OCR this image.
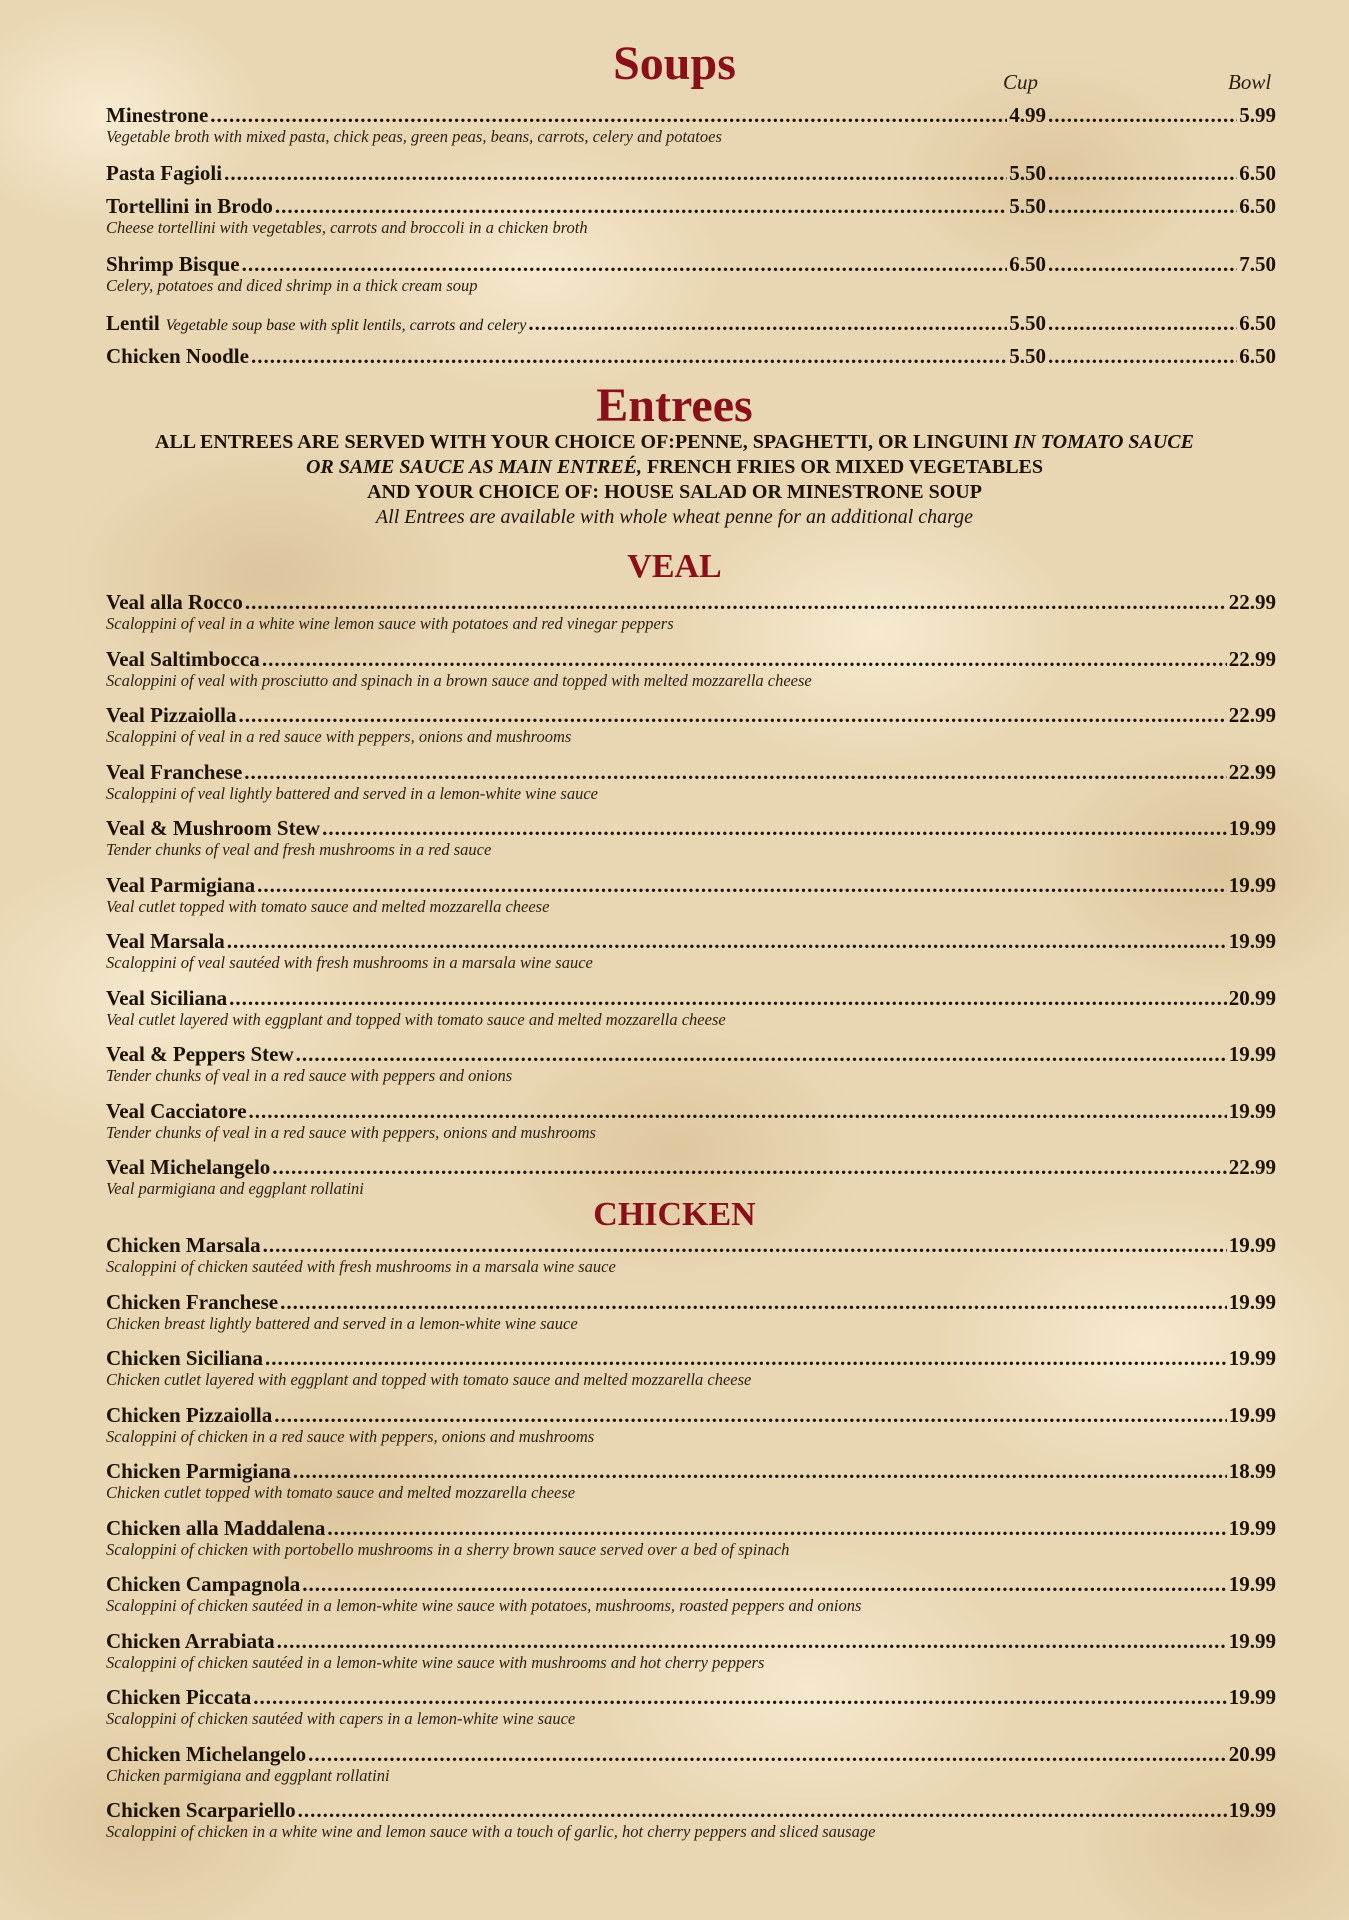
Soups	Cup	Bowl
Minestrone .....	4.99 .....	5.99
Vegetable broth with mixed pasta, chick peas, green peas, beans, carrots, celery and potatoes
Pasta Fagioli .....	5.50 .....	6.50
Tortellini in Brodo .....	5.50 .....	6.50
Cheese tortellini with vegetables, carrots and broccoli in a chicken broth
Shrimp Bisque .....	6.50 .....	7.50
Celery, potatoes and diced shrimp in a thick cream soup
Lentil Vegetable soup base with split lentils, carrots and celery .....	5.50 .....	6.50
Chicken Noodle .....	5.50 .....	6.50
Entrees
ALL ENTREES ARE SERVED WITH YOUR CHOICE OF:PENNE, SPAGHETTI, OR LINGUINI IN TOMATO SAUCE
OR SAME SAUCE AS MAIN ENTREÉ, FRENCH FRIES OR MIXED VEGETABLES
AND YOUR CHOICE OF: HOUSE SALAD OR MINESTRONE SOUP
All Entrees are available with whole wheat penne for an additional charge
VEAL
Veal alla Rocco .....	22.99
Scaloppini of veal in a white wine lemon sauce with potatoes and red vinegar peppers
Veal Saltimbocca .....	22.99
Scaloppini of veal with prosciutto and spinach in a brown sauce and topped with melted mozzarella cheese
Veal Pizzaiolla .....	22.99
Scaloppini of veal in a red sauce with peppers, onions and mushrooms
Veal Franchese .....	22.99
Scaloppini of veal lightly battered and served in a lemon-white wine sauce
Veal & Mushroom Stew .....	19.99
Tender chunks of veal and fresh mushrooms in a red sauce
Veal Parmigiana .....	19.99
Veal cutlet topped with tomato sauce and melted mozzarella cheese
Veal Marsala .....	19.99
Scaloppini of veal sautéed with fresh mushrooms in a marsala wine sauce
Veal Siciliana .....	20.99
Veal cutlet layered with eggplant and topped with tomato sauce and melted mozzarella cheese
Veal & Peppers Stew .....	19.99
Tender chunks of veal in a red sauce with peppers and onions
Veal Cacciatore .....	19.99
Tender chunks of veal in a red sauce with peppers, onions and mushrooms
Veal Michelangelo .....	22.99
Veal parmigiana and eggplant rollatini
CHICKEN
Chicken Marsala .....	19.99
Scaloppini of chicken sautéed with fresh mushrooms in a marsala wine sauce
Chicken Franchese .....	19.99
Chicken breast lightly battered and served in a lemon-white wine sauce
Chicken Siciliana .....	19.99
Chicken cutlet layered with eggplant and topped with tomato sauce and melted mozzarella cheese
Chicken Pizzaiolla .....	19.99
Scaloppini of chicken in a red sauce with peppers, onions and mushrooms
Chicken Parmigiana .....	18.99
Chicken cutlet topped with tomato sauce and melted mozzarella cheese
Chicken alla Maddalena .....	19.99
Scaloppini of chicken with portobello mushrooms in a sherry brown sauce served over a bed of spinach
Chicken Campagnola .....	19.99
Scaloppini of chicken sautéed in a lemon-white wine sauce with potatoes, mushrooms, roasted peppers and onions
Chicken Arrabiata .....	19.99
Scaloppini of chicken sautéed in a lemon-white wine sauce with mushrooms and hot cherry peppers
Chicken Piccata .....	19.99
Scaloppini of chicken sautéed with capers in a lemon-white wine sauce
Chicken Michelangelo .....	20.99
Chicken parmigiana and eggplant rollatini
Chicken Scarpariello .....	19.99
Scaloppini of chicken in a white wine and lemon sauce with a touch of garlic, hot cherry peppers and sliced sausage
